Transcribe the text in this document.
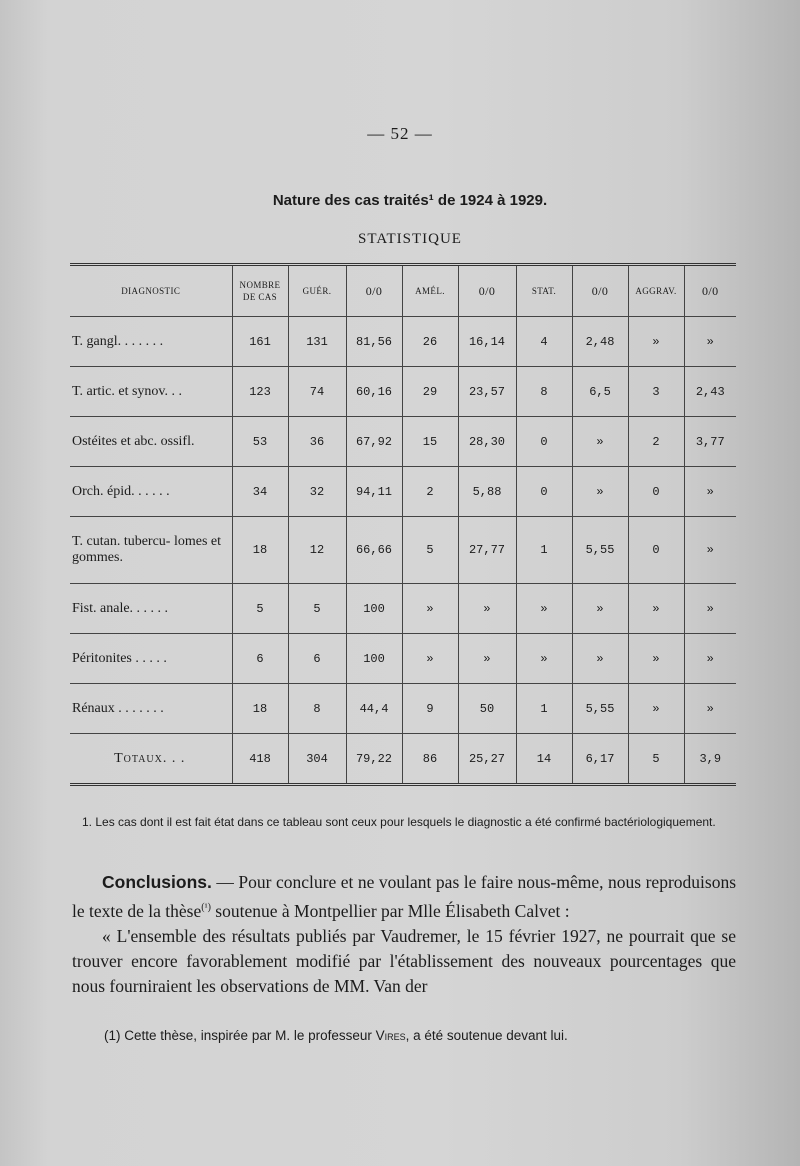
— 52 —
Nature des cas traités¹ de 1924 à 1929.
STATISTIQUE
DIAGNOSTIC	NOMBRE DE CAS	GUÉR.	0/0	AMÉL.	0/0	STAT.	0/0	AGGRAV.	0/0
T. gangl. . . . . . .	161	131	81,56	26	16,14	4	2,48	»	»
T. artic. et synov. . .	123	74	60,16	29	23,57	8	6,5	3	2,43
Ostéites et abc. ossifl.	53	36	67,92	15	28,30	0	»	2	3,77
Orch. épid. . . . . .	34	32	94,11	2	5,88	0	»	0	»
T. cutan. tubercu- lomes et gommes.	18	12	66,66	5	27,77	1	5,55	0	»
Fist. anale. . . . . .	5	5	100	»	»	»	»	»	»
Péritonites . . . . .	6	6	100	»	»	»	»	»	»
Rénaux . . . . . . .	18	8	44,4	9	50	1	5,55	»	»
Totaux. . .	418	304	79,22	86	25,27	14	6,17	5	3,9
1. Les cas dont il est fait état dans ce tableau sont ceux pour lesquels le diagnostic a été confirmé bactériologiquement.

Conclusions. — Pour conclure et ne voulant pas le faire nous-même, nous reproduisons le texte de la thèse$^{(^1)}$ soutenue à Montpellier par Mlle Élisabeth Calvet :

« L'ensemble des résultats publiés par Vaudremer, le 15 février 1927, ne pourrait que se trouver encore favorablement modifié par l'établissement des nouveaux pourcentages que nous fourniraient les observations de MM. Van der

(1) Cette thèse, inspirée par M. le professeur Vires, a été soutenue devant lui.
